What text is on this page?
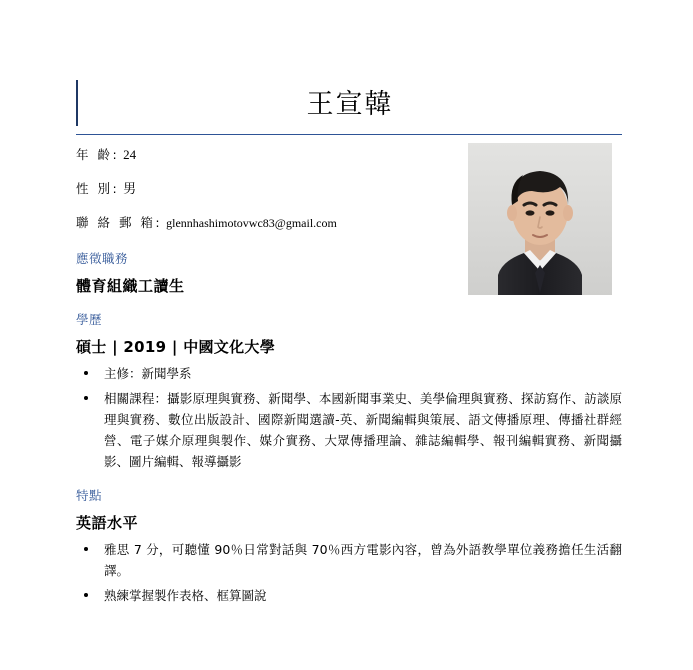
王宣韓
年 齡: 24
性 別: 男
聯 絡 郵 箱: glennhashimotovwc83@gmail.com
應徵職務
體育組織工讀生
學歷
碩士 | 2019 | 中國文化大學
主修：新聞學系
相關課程：攝影原理與實務、新聞學、本國新聞事業史、美學倫理與實務、探訪寫作、訪談原理與實務、數位出版設計、國際新聞選讀-英、新聞編輯與策展、語文傳播原理、傳播社群經營、電子媒介原理與製作、媒介實務、大眾傳播理論、雜誌編輯學、報刊編輯實務、新聞攝影、圖片編輯、報導攝影
特點
英語水平
雅思 7 分，可聽懂 90％日常對話與 70％西方電影內容，曾為外語教學單位義務擔任生活翻譯。
熟練掌握製作表格、框算圖說
